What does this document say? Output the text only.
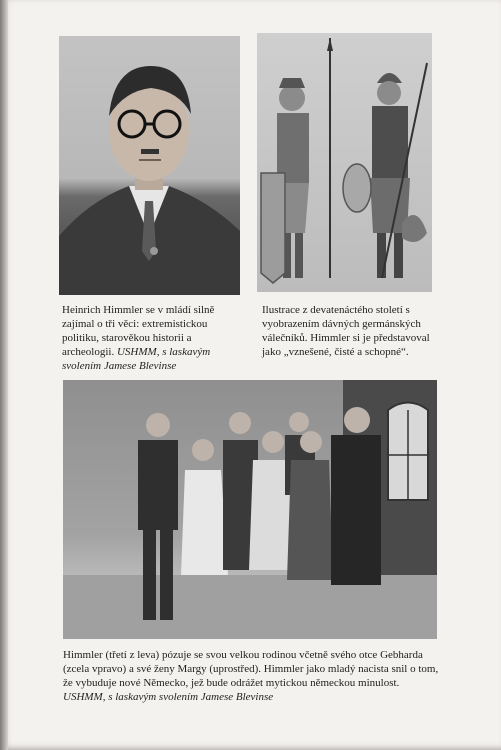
Heinrich Himmler se v mládí silně zajímal o tři věci: extremistickou politiku, starověkou historii a archeologii. USHMM, s laskavým svolením Jamese Blevinse
Ilustrace z devatenáctého století s vyobrazením dávných germánských válečníků. Himmler si je představoval jako „vznešené, čisté a schopné“.
Himmler (třetí z leva) pózuje se svou velkou rodinou včetně svého otce Gebharda (zcela vpravo) a své ženy Margy (uprostřed). Himmler jako mladý nacista snil o tom, že vybuduje nové Německo, jež bude odrážet mytickou německou minulost. USHMM, s laskavým svolením Jamese Blevinse
